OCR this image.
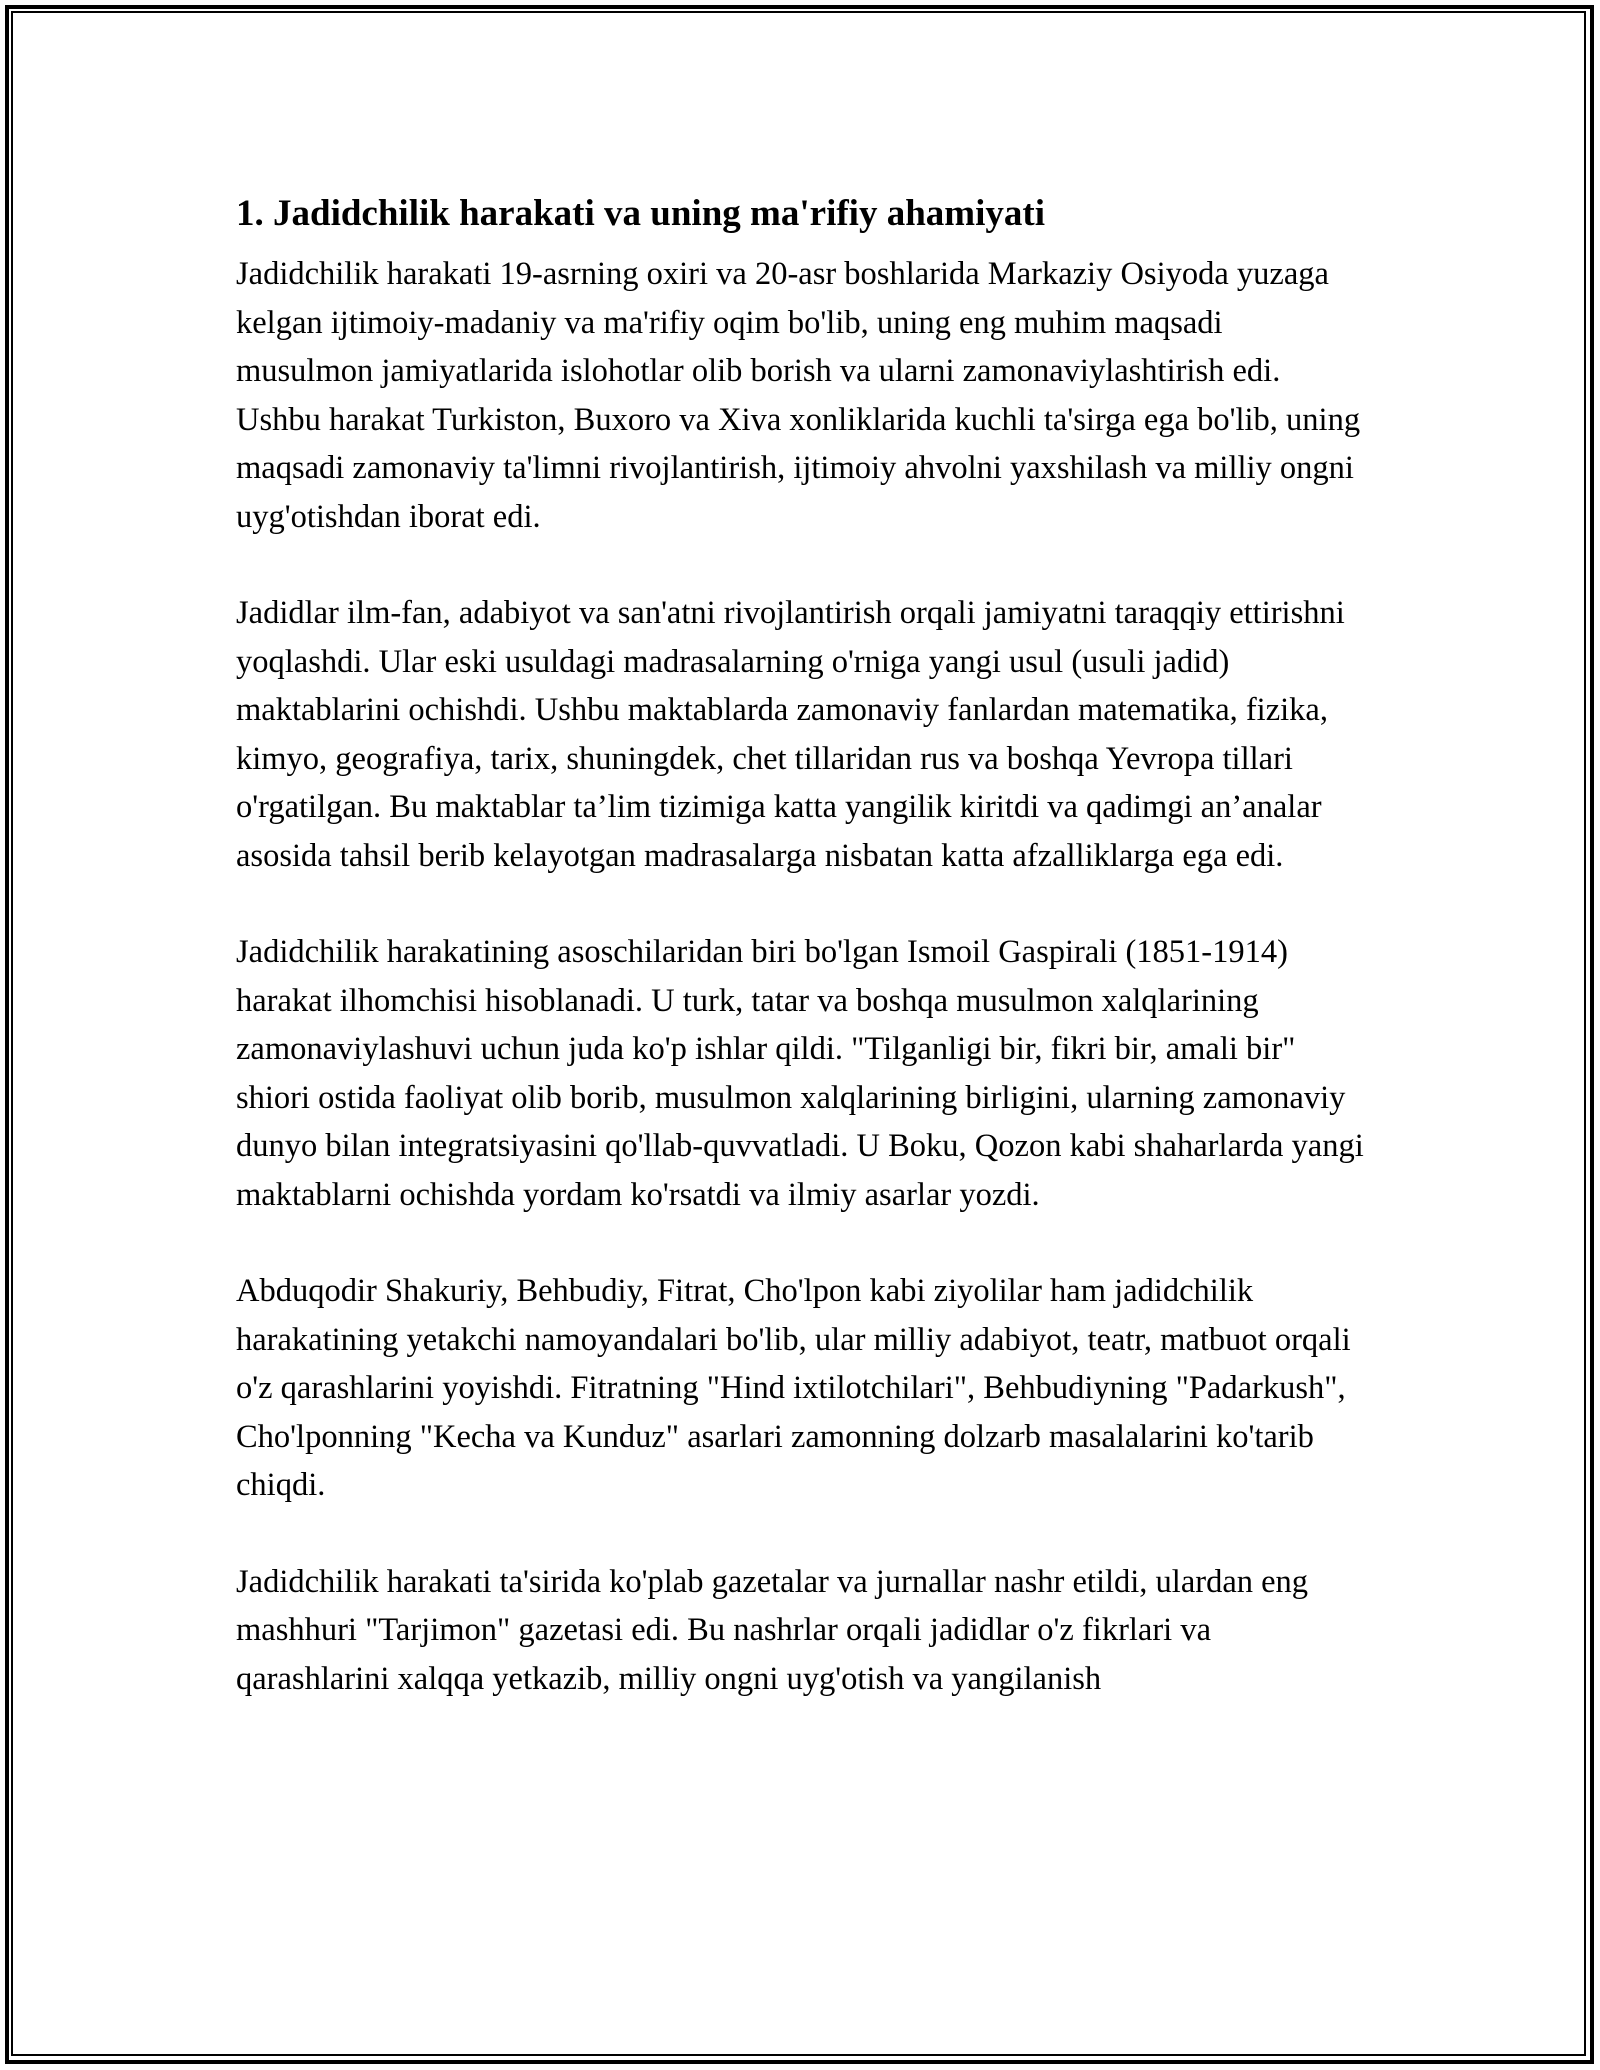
1. Jadidchilik harakati va uning ma'rifiy ahamiyati

Jadidchilik harakati 19-asrning oxiri va 20-asr boshlarida Markaziy Osiyoda yuzaga kelgan ijtimoiy-madaniy va ma'rifiy oqim bo'lib, uning eng muhim maqsadi musulmon jamiyatlarida islohotlar olib borish va ularni zamonaviylashtirish edi. Ushbu harakat Turkiston, Buxoro va Xiva xonliklarida kuchli ta'sirga ega bo'lib, uning maqsadi zamonaviy ta'limni rivojlantirish, ijtimoiy ahvolni yaxshilash va milliy ongni uyg'otishdan iborat edi.

Jadidlar ilm-fan, adabiyot va san'atni rivojlantirish orqali jamiyatni taraqqiy ettirishni yoqlashdi. Ular eski usuldagi madrasalarning o'rniga yangi usul (usuli jadid) maktablarini ochishdi. Ushbu maktablarda zamonaviy fanlardan matematika, fizika, kimyo, geografiya, tarix, shuningdek, chet tillaridan rus va boshqa Yevropa tillari o'rgatilgan. Bu maktablar ta’lim tizimiga katta yangilik kiritdi va qadimgi an’analar asosida tahsil berib kelayotgan madrasalarga nisbatan katta afzalliklarga ega edi.

Jadidchilik harakatining asoschilaridan biri bo'lgan Ismoil Gaspirali (1851-1914) harakat ilhomchisi hisoblanadi. U turk, tatar va boshqa musulmon xalqlarining zamonaviylashuvi uchun juda ko'p ishlar qildi. "Tilganligi bir, fikri bir, amali bir" shiori ostida faoliyat olib borib, musulmon xalqlarining birligini, ularning zamonaviy dunyo bilan integratsiyasini qo'llab-quvvatladi. U Boku, Qozon kabi shaharlarda yangi maktablarni ochishda yordam ko'rsatdi va ilmiy asarlar yozdi.

Abduqodir Shakuriy, Behbudiy, Fitrat, Cho'lpon kabi ziyolilar ham jadidchilik harakatining yetakchi namoyandalari bo'lib, ular milliy adabiyot, teatr, matbuot orqali o'z qarashlarini yoyishdi. Fitratning "Hind ixtilotchilari", Behbudiyning "Padarkush", Cho'lponning "Kecha va Kunduz" asarlari zamonning dolzarb masalalarini ko'tarib chiqdi.

Jadidchilik harakati ta'sirida ko'plab gazetalar va jurnallar nashr etildi, ulardan eng mashhuri "Tarjimon" gazetasi edi. Bu nashrlar orqali jadidlar o'z fikrlari va qarashlarini xalqqa yetkazib, milliy ongni uyg'otish va yangilanish
